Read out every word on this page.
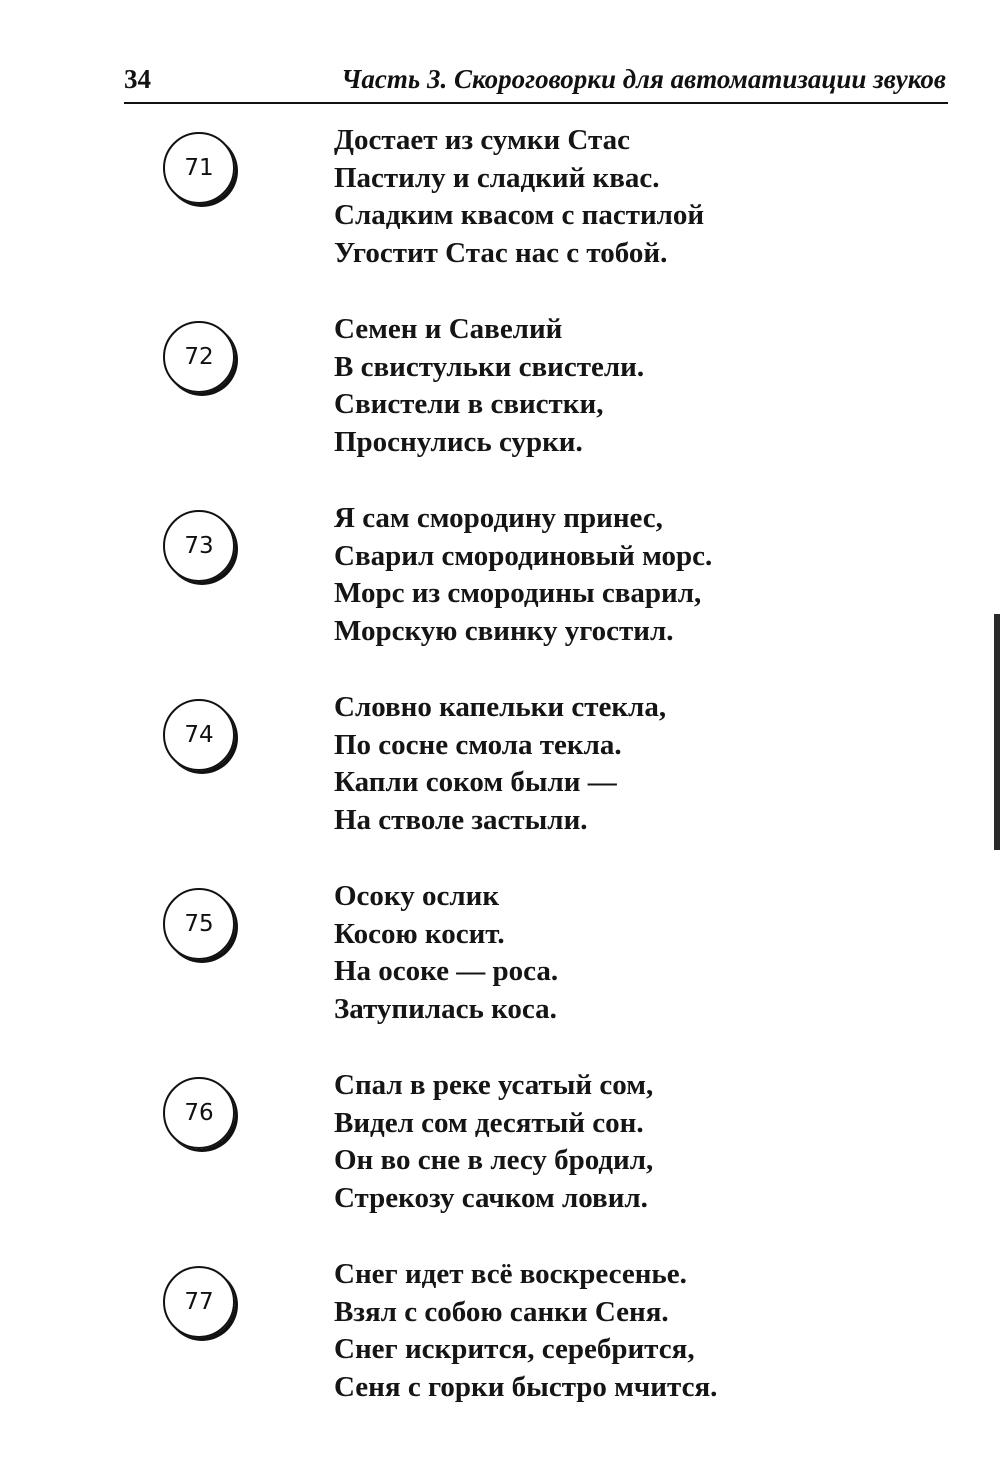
34	Часть 3. Скороговорки для автоматизации звуков
71
Достает из сумки Стас
Пастилу и сладкий квас.
Сладким квасом с пастилой
Угостит Стас нас с тобой.
72
Семен и Савелий
В свистульки свистели.
Свистели в свистки,
Проснулись сурки.
73
Я сам смородину принес,
Сварил смородиновый морс.
Морс из смородины сварил,
Морскую свинку угостил.
74
Словно капельки стекла,
По сосне смола текла.
Капли соком были —
На стволе застыли.
75
Осоку ослик
Косою косит.
На осоке — роса.
Затупилась коса.
76
Спал в реке усатый сом,
Видел сом десятый сон.
Он во сне в лесу бродил,
Стрекозу сачком ловил.
77
Снег идет всё воскресенье.
Взял с собою санки Сеня.
Снег искрится, серебрится,
Сеня с горки быстро мчится.
